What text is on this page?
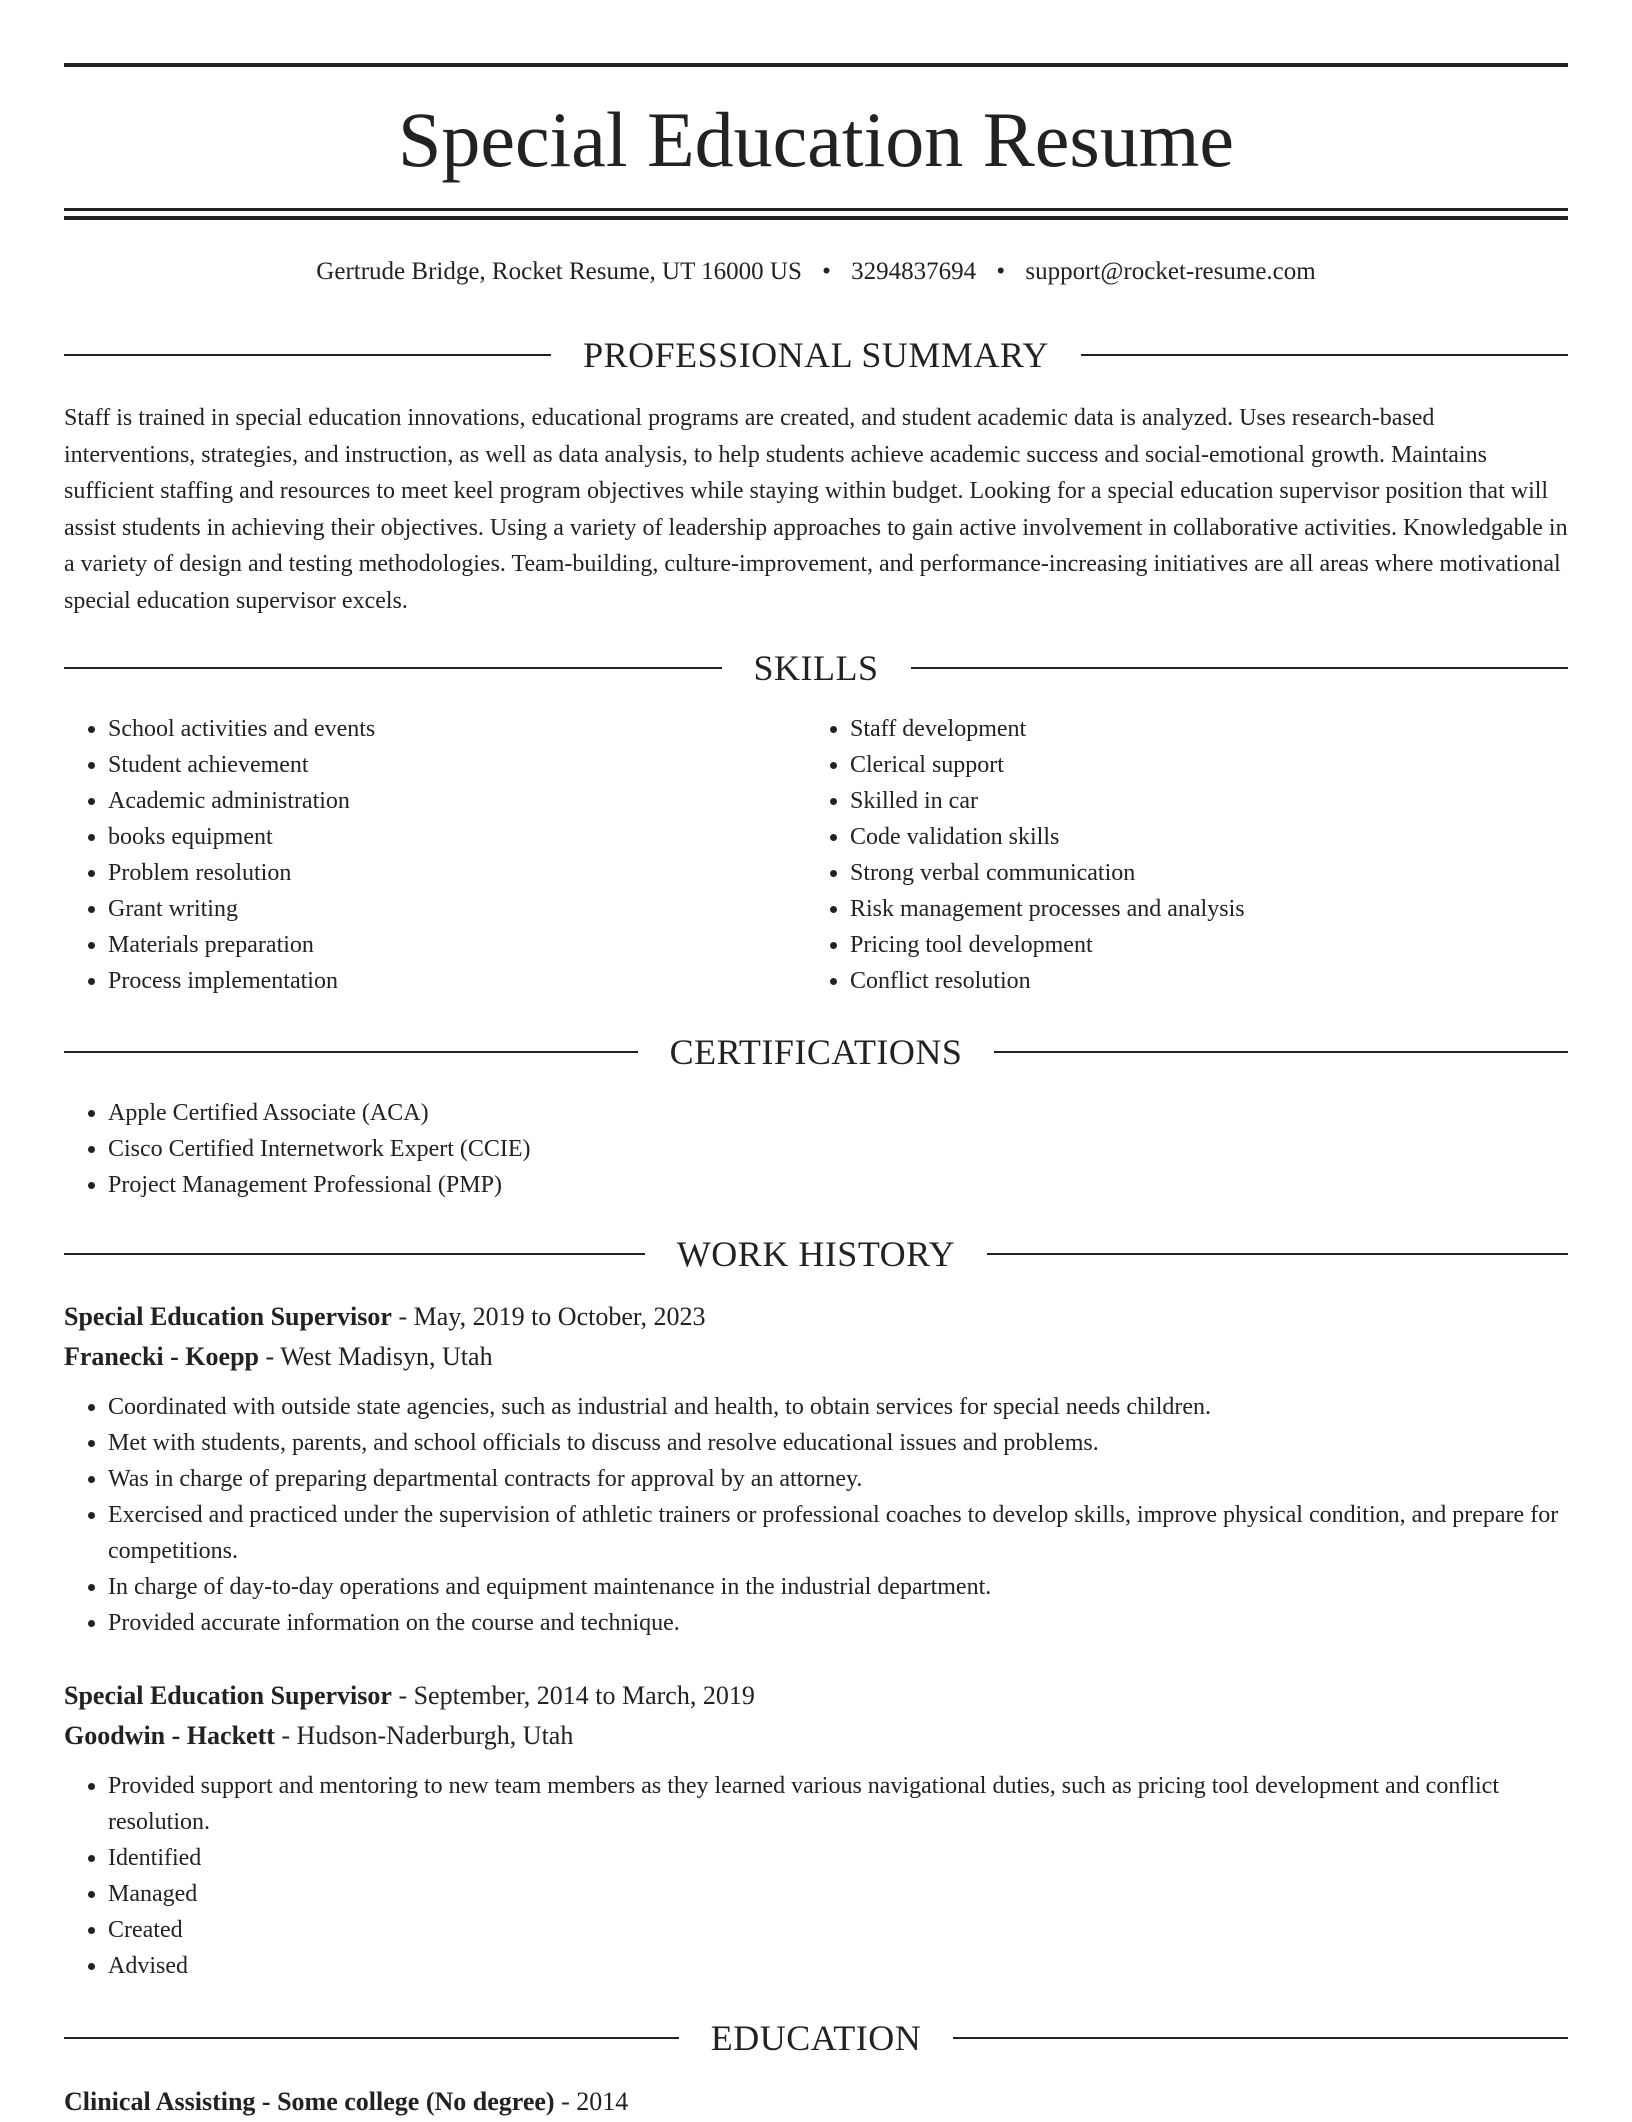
Special Education Resume
Gertrude Bridge, Rocket Resume, UT 16000 US • 3294837694 • support@rocket-resume.com
PROFESSIONAL SUMMARY

Staff is trained in special education innovations, educational programs are created, and student academic data is analyzed. Uses research-based interventions, strategies, and instruction, as well as data analysis, to help students achieve academic success and social-emotional growth. Maintains sufficient staffing and resources to meet keel program objectives while staying within budget. Looking for a special education supervisor position that will assist students in achieving their objectives. Using a variety of leadership approaches to gain active involvement in collaborative activities. Knowledgable in a variety of design and testing methodologies. Team-building, culture-improvement, and performance-increasing initiatives are all areas where motivational special education supervisor excels.

SKILLS
• School activities and events
• Student achievement
• Academic administration
• books equipment
• Problem resolution
• Grant writing
• Materials preparation
• Process implementation
• Staff development
• Clerical support
• Skilled in car
• Code validation skills
• Strong verbal communication
• Risk management processes and analysis
• Pricing tool development
• Conflict resolution
CERTIFICATIONS
• Apple Certified Associate (ACA)
• Cisco Certified Internetwork Expert (CCIE)
• Project Management Professional (PMP)
WORK HISTORY

Special Education Supervisor - May, 2019 to October, 2023

Franecki - Koepp - West Madisyn, Utah

• Coordinated with outside state agencies, such as industrial and health, to obtain services for special needs children.
• Met with students, parents, and school officials to discuss and resolve educational issues and problems.
• Was in charge of preparing departmental contracts for approval by an attorney.
• Exercised and practiced under the supervision of athletic trainers or professional coaches to develop skills, improve physical condition, and prepare for competitions.
• In charge of day-to-day operations and equipment maintenance in the industrial department.
• Provided accurate information on the course and technique.

Special Education Supervisor - September, 2014 to March, 2019

Goodwin - Hackett - Hudson-Naderburgh, Utah

• Provided support and mentoring to new team members as they learned various navigational duties, such as pricing tool development and conflict resolution.
• Identified
• Managed
• Created
• Advised
EDUCATION
Clinical Assisting - Some college (No degree) - 2014
